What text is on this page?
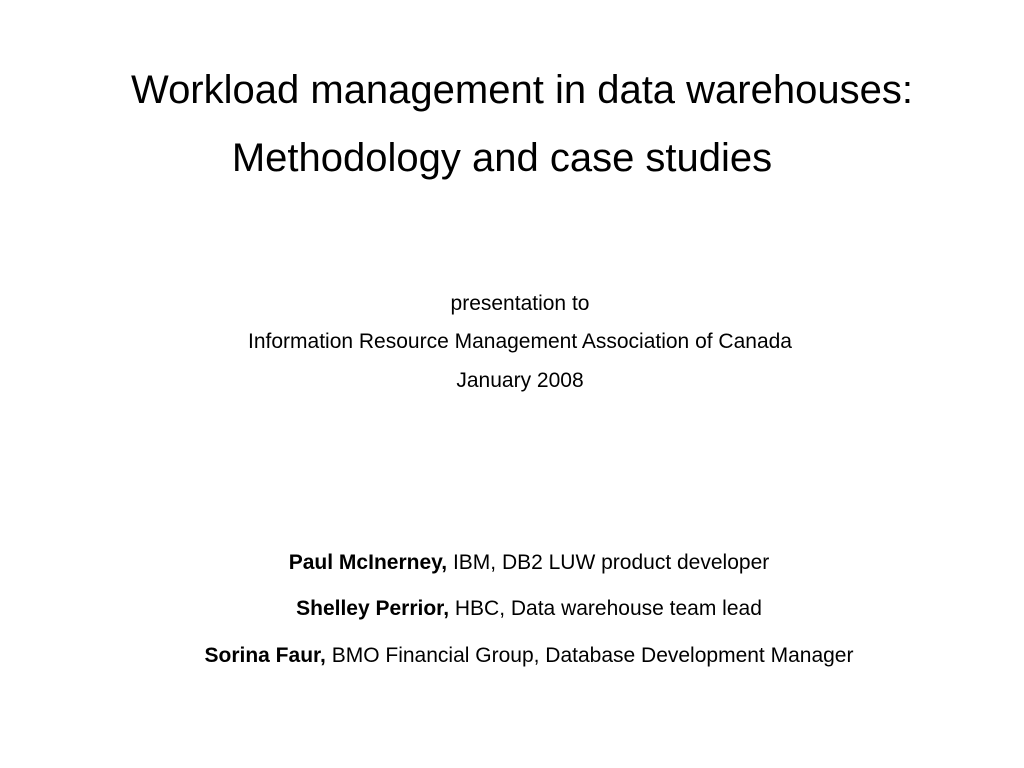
Workload management in data warehouses:
Methodology and case studies
presentation to
Information Resource Management Association of Canada
January 2008
Paul McInerney, IBM, DB2 LUW product developer
Shelley Perrior, HBC, Data warehouse team lead
Sorina Faur, BMO Financial Group, Database Development Manager
